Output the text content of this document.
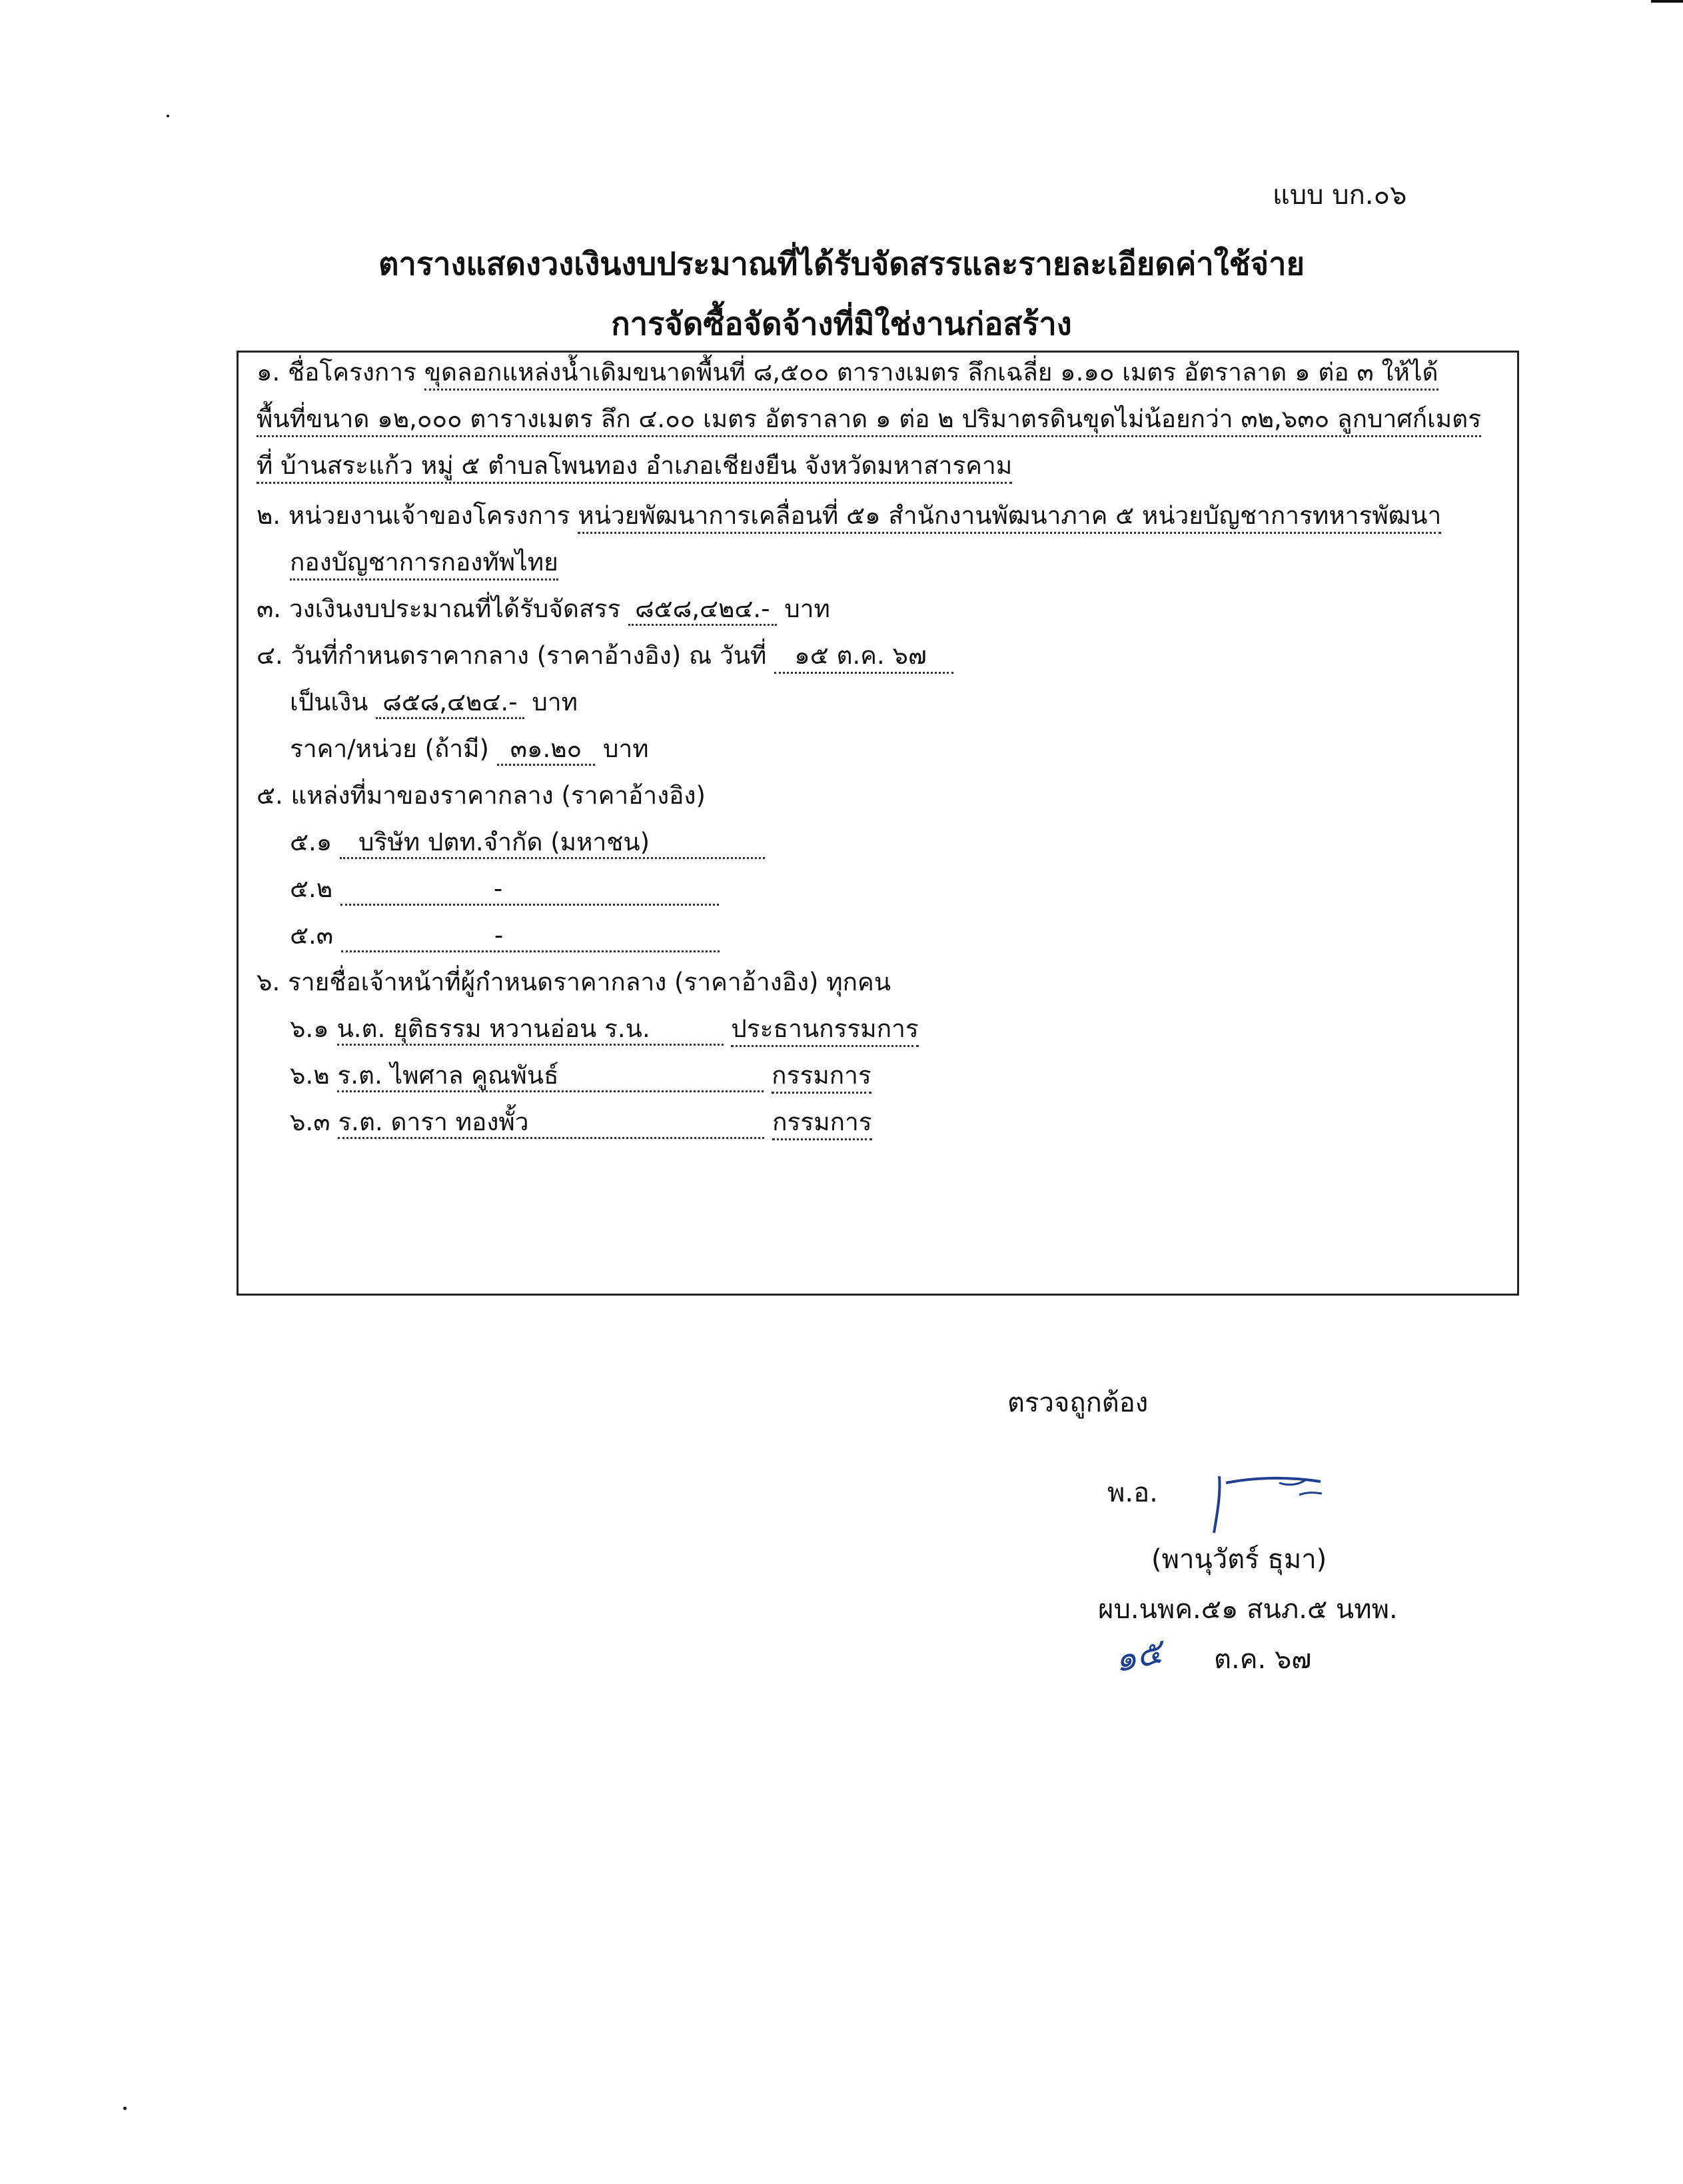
แบบ บก.๐๖
ตารางแสดงวงเงินงบประมาณที่ได้รับจัดสรรและรายละเอียดค่าใช้จ่าย
การจัดซื้อจัดจ้างที่มิใช่งานก่อสร้าง
๑. ชื่อโครงการ ขุดลอกแหล่งน้ำเดิมขนาดพื้นที่ ๘,๕๐๐ ตารางเมตร ลึกเฉลี่ย ๑.๑๐ เมตร อัตราลาด ๑ ต่อ ๓ ให้ได้
พื้นที่ขนาด ๑๒,๐๐๐ ตารางเมตร ลึก ๔.๐๐ เมตร อัตราลาด ๑ ต่อ ๒ ปริมาตรดินขุดไม่น้อยกว่า ๓๒,๖๓๐ ลูกบาศก์เมตร
ที่ บ้านสระแก้ว หมู่ ๕ ตำบลโพนทอง อำเภอเชียงยืน จังหวัดมหาสารคาม
๒. หน่วยงานเจ้าของโครงการ หน่วยพัฒนาการเคลื่อนที่ ๕๑ สำนักงานพัฒนาภาค ๕ หน่วยบัญชาการทหารพัฒนา
กองบัญชาการกองทัพไทย
๓. วงเงินงบประมาณที่ได้รับจัดสรร ๘๕๘,๔๒๔.- บาท
๔. วันที่กำหนดราคากลาง (ราคาอ้างอิง) ณ วันที่ ๑๕ ต.ค. ๖๗
เป็นเงิน ๘๕๘,๔๒๔.- บาท
ราคา/หน่วย (ถ้ามี) ๓๑.๒๐ บาท
๕. แหล่งที่มาของราคากลาง (ราคาอ้างอิง)
๕.๑ บริษัท ปตท.จำกัด (มหาชน)
๕.๒	-
๕.๓	-
๖. รายชื่อเจ้าหน้าที่ผู้กำหนดราคากลาง (ราคาอ้างอิง) ทุกคน
๖.๑ น.ต. ยุติธรรม หวานอ่อน ร.น.	ประธานกรรมการ
๖.๒ ร.ต. ไพศาล คูณพันธ์	กรรมการ
๖.๓ ร.ต. ดารา ทองพั้ว	กรรมการ
ตรวจถูกต้อง
พ.อ.
(พานุวัตร์ ธุมา)
ผบ.นพค.๕๑ สนภ.๕ นทพ.
๑๕ ต.ค. ๖๗
